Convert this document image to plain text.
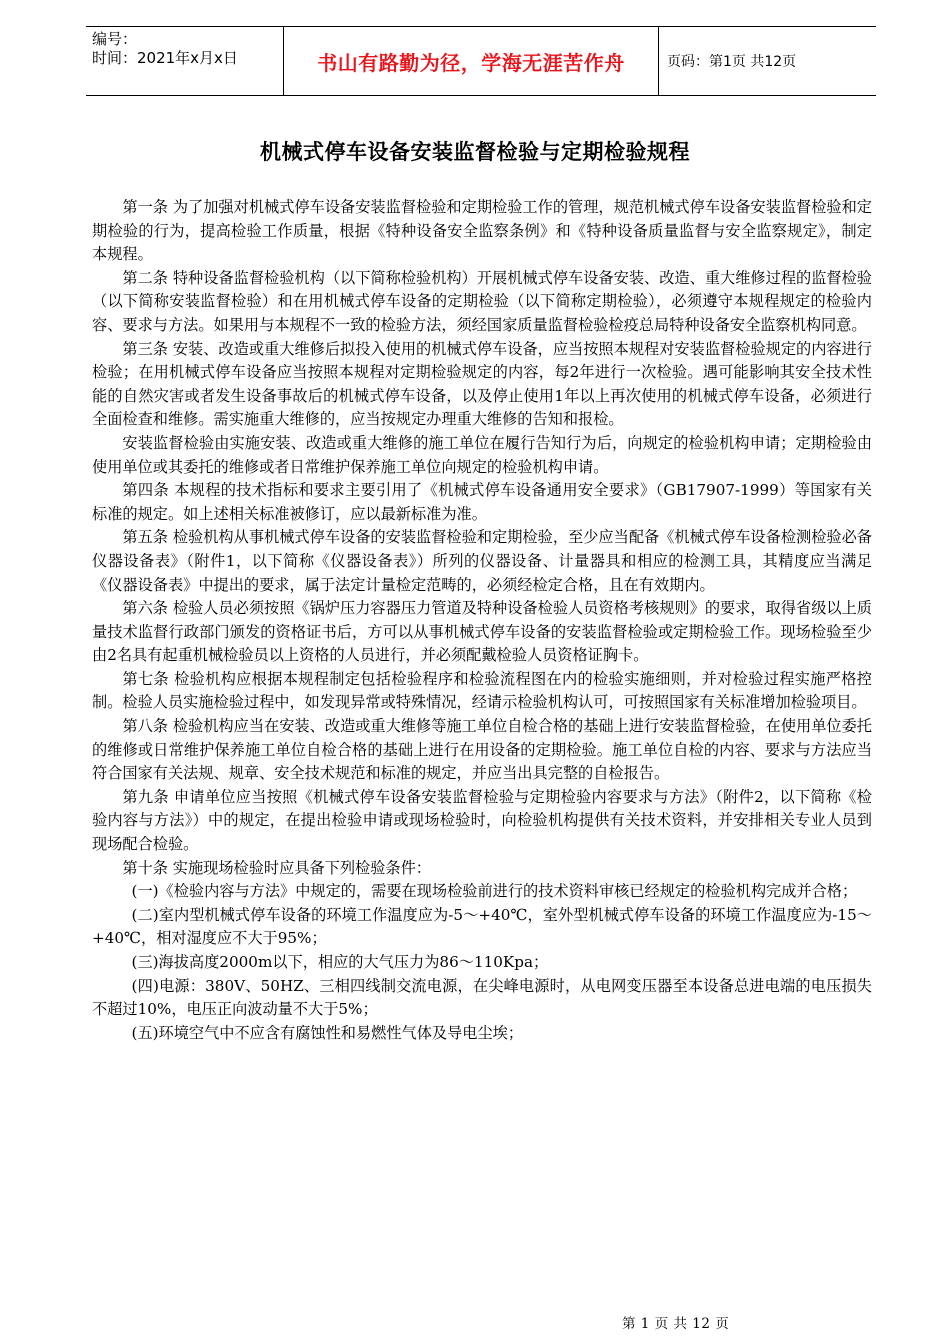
编号：
时间：2021年x月x日	书山有路勤为径，学海无涯苦作舟	页码：第1页 共12页
机械式停车设备安装监督检验与定期检验规程

第一条 为了加强对机械式停车设备安装监督检验和定期检验工作的管理，规范机械式停车设备安装监督检验和定期检验的行为，提高检验工作质量，根据《特种设备安全监察条例》和《特种设备质量监督与安全监察规定》，制定本规程。

第二条 特种设备监督检验机构（以下简称检验机构）开展机械式停车设备安装、改造、重大维修过程的监督检验（以下简称安装监督检验）和在用机械式停车设备的定期检验（以下简称定期检验），必须遵守本规程规定的检验内容、要求与方法。如果用与本规程不一致的检验方法，须经国家质量监督检验检疫总局特种设备安全监察机构同意。

第三条 安装、改造或重大维修后拟投入使用的机械式停车设备，应当按照本规程对安装监督检验规定的内容进行检验；在用机械式停车设备应当按照本规程对定期检验规定的内容，每2年进行一次检验。遇可能影响其安全技术性能的自然灾害或者发生设备事故后的机械式停车设备，以及停止使用1年以上再次使用的机械式停车设备，必须进行全面检查和维修。需实施重大维修的，应当按规定办理重大维修的告知和报检。

安装监督检验由实施安装、改造或重大维修的施工单位在履行告知行为后，向规定的检验机构申请；定期检验由使用单位或其委托的维修或者日常维护保养施工单位向规定的检验机构申请。

第四条 本规程的技术指标和要求主要引用了《机械式停车设备通用安全要求》（GB17907-1999）等国家有关标准的规定。如上述相关标准被修订，应以最新标准为准。

第五条 检验机构从事机械式停车设备的安装监督检验和定期检验，至少应当配备《机械式停车设备检测检验必备仪器设备表》（附件1，以下简称《仪器设备表》）所列的仪器设备、计量器具和相应的检测工具，其精度应当满足《仪器设备表》中提出的要求，属于法定计量检定范畴的，必须经检定合格，且在有效期内。

第六条 检验人员必须按照《锅炉压力容器压力管道及特种设备检验人员资格考核规则》的要求，取得省级以上质量技术监督行政部门颁发的资格证书后，方可以从事机械式停车设备的安装监督检验或定期检验工作。现场检验至少由2名具有起重机械检验员以上资格的人员进行，并必须配戴检验人员资格证胸卡。

第七条 检验机构应根据本规程制定包括检验程序和检验流程图在内的检验实施细则，并对检验过程实施严格控制。检验人员实施检验过程中，如发现异常或特殊情况，经请示检验机构认可，可按照国家有关标准增加检验项目。

第八条 检验机构应当在安装、改造或重大维修等施工单位自检合格的基础上进行安装监督检验，在使用单位委托的维修或日常维护保养施工单位自检合格的基础上进行在用设备的定期检验。施工单位自检的内容、要求与方法应当符合国家有关法规、规章、安全技术规范和标准的规定，并应当出具完整的自检报告。

第九条 申请单位应当按照《机械式停车设备安装监督检验与定期检验内容要求与方法》（附件2，以下简称《检验内容与方法》）中的规定，在提出检验申请或现场检验时，向检验机构提供有关技术资料，并安排相关专业人员到现场配合检验。

第十条 实施现场检验时应具备下列检验条件：

(一)《检验内容与方法》中规定的，需要在现场检验前进行的技术资料审核已经规定的检验机构完成并合格；

(二)室内型机械式停车设备的环境工作温度应为-5～+40℃，室外型机械式停车设备的环境工作温度应为-15～+40℃，相对湿度应不大于95%；

(三)海拔高度2000m以下，相应的大气压力为86～110Kpa；

(四)电源：380V、50HZ、三相四线制交流电源，在尖峰电源时，从电网变压器至本设备总进电端的电压损失不超过10%，电压正向波动量不大于5%；

(五)环境空气中不应含有腐蚀性和易燃性气体及导电尘埃；

第 1 页 共 12 页
